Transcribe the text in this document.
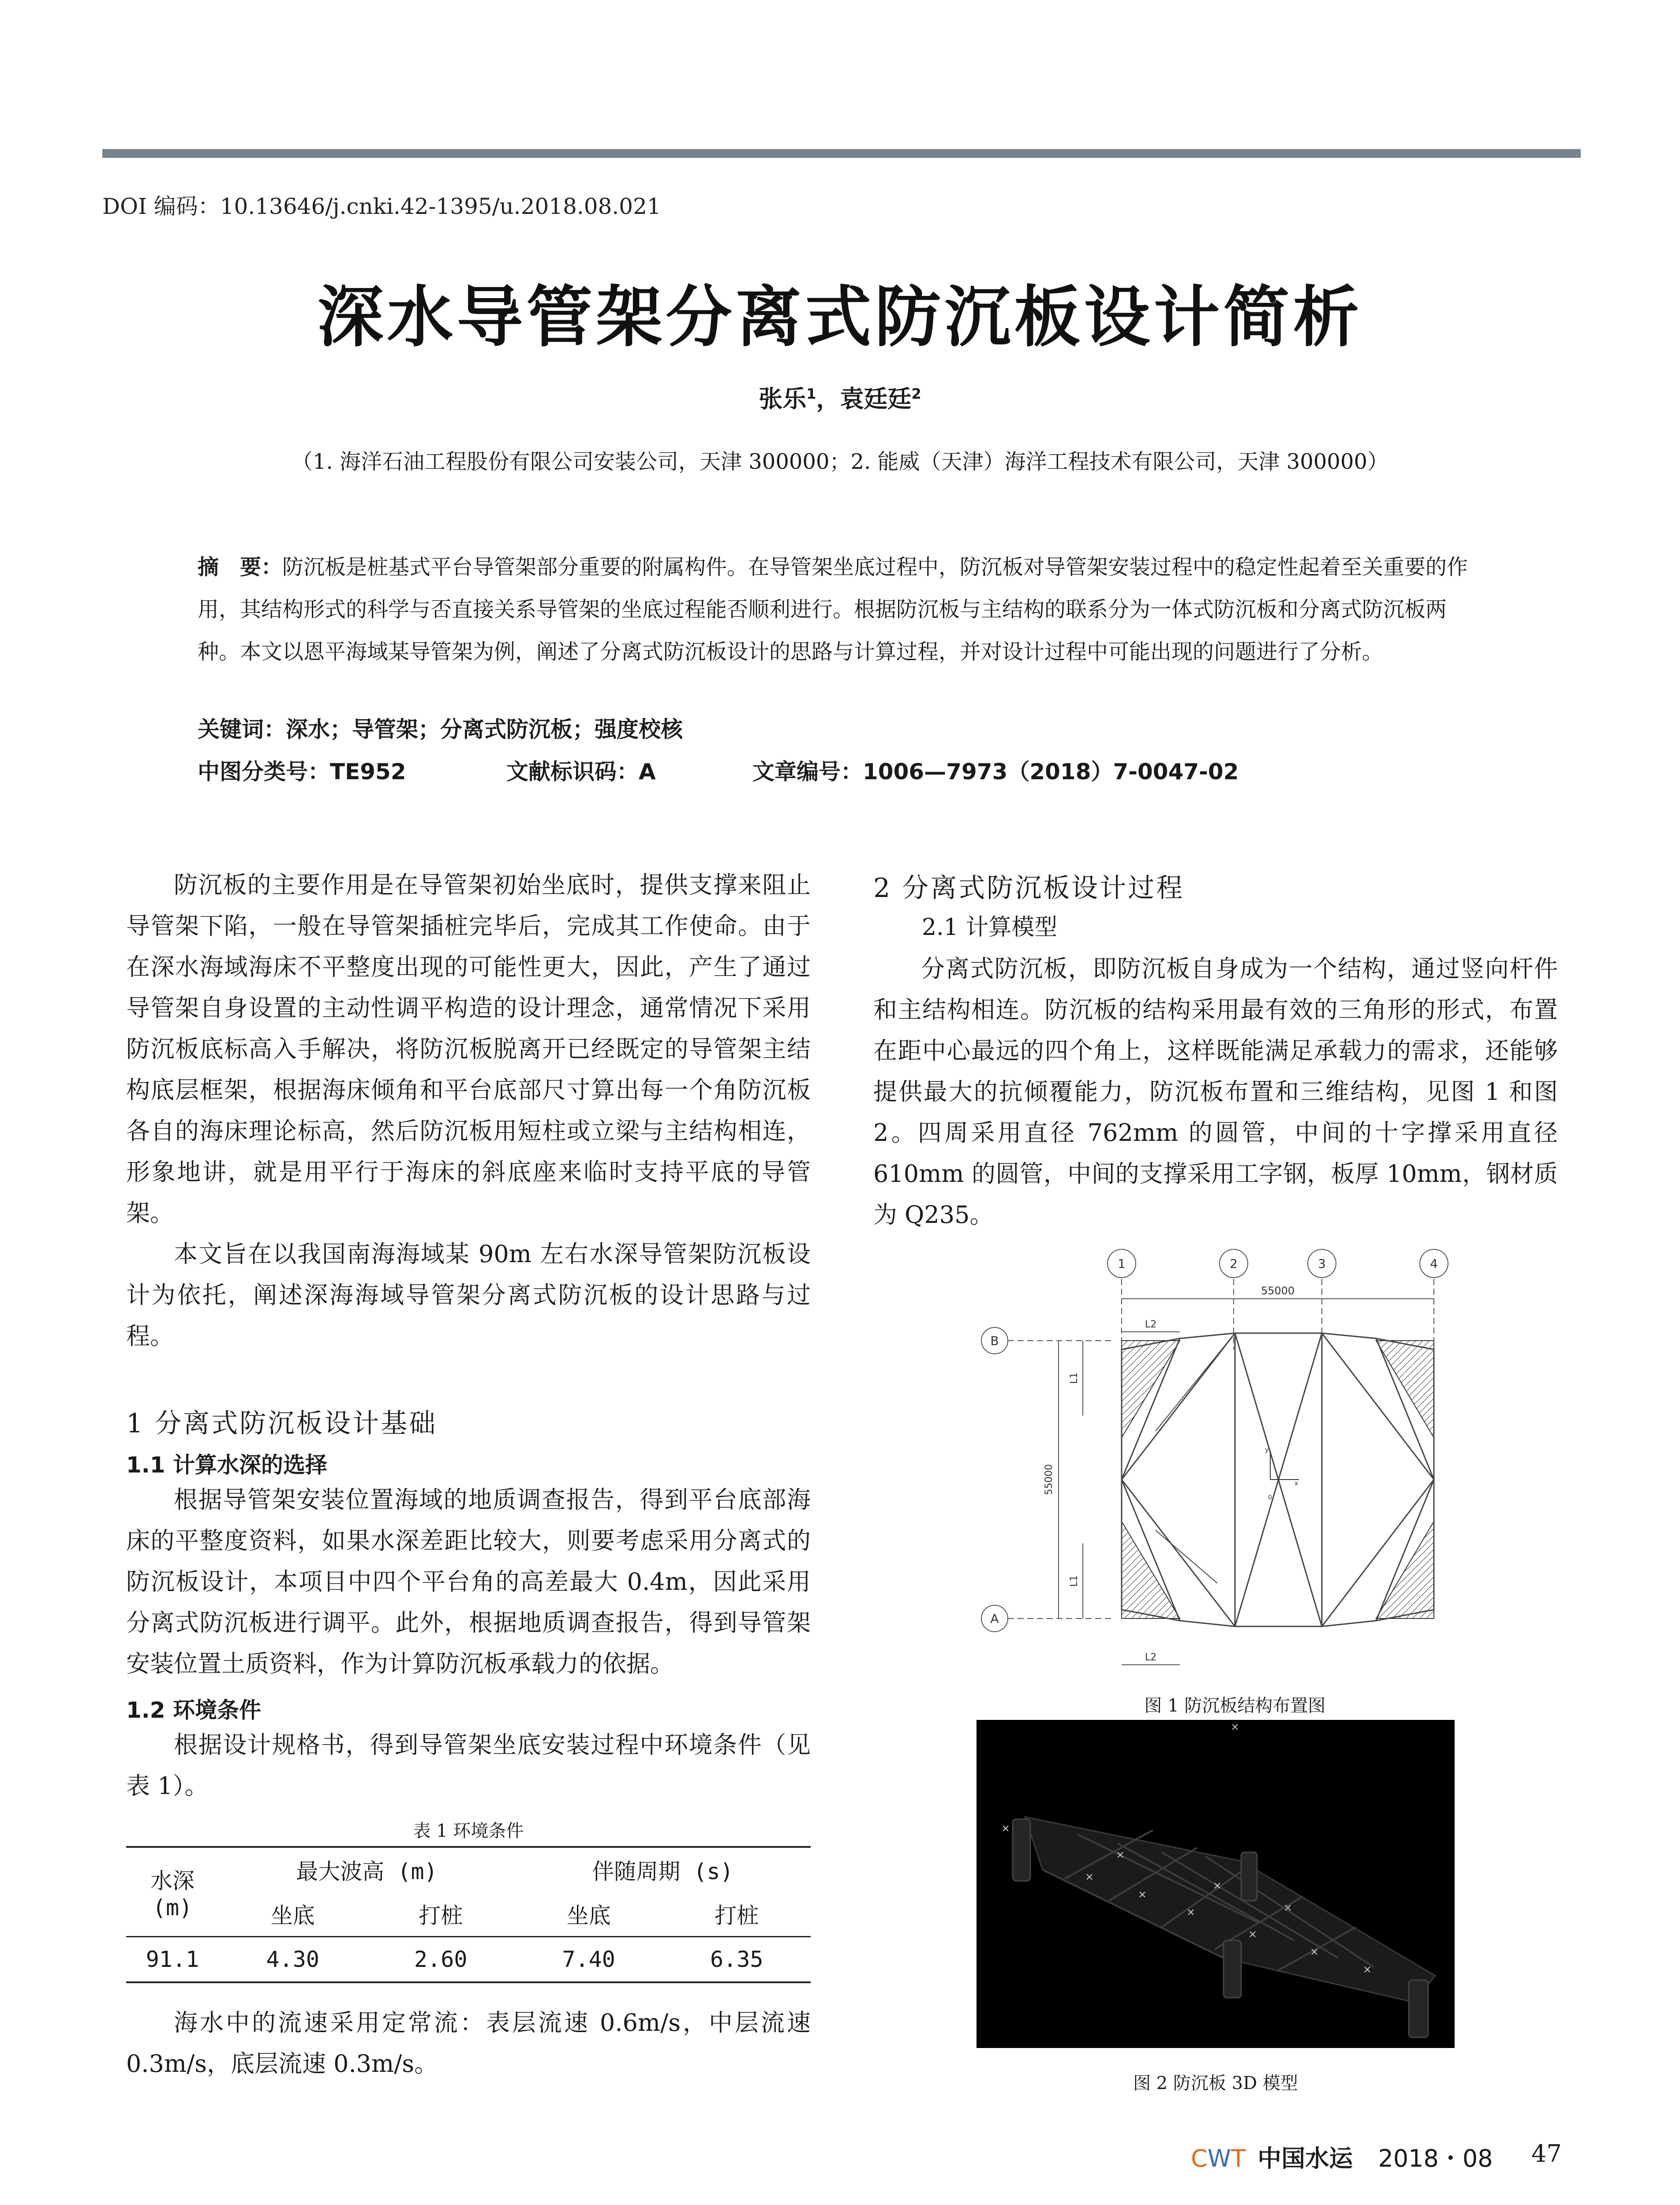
DOI 编码：10.13646/j.cnki.42-1395/u.2018.08.021
深水导管架分离式防沉板设计简析
张乐$^1$，袁廷廷$^2$
（1. 海洋石油工程股份有限公司安装公司，天津 300000；2. 能威（天津）海洋工程技术有限公司，天津 300000）
摘　要：防沉板是桩基式平台导管架部分重要的附属构件。在导管架坐底过程中，防沉板对导管架安装过程中的稳定性起着至关重要的作用，其结构形式的科学与否直接关系导管架的坐底过程能否顺利进行。根据防沉板与主结构的联系分为一体式防沉板和分离式防沉板两种。本文以恩平海域某导管架为例，阐述了分离式防沉板设计的思路与计算过程，并对设计过程中可能出现的问题进行了分析。
关键词：深水；导管架；分离式防沉板；强度校核
中图分类号：TE952	文献标识码：A	文章编号：1006—7973（2018）7-0047-02

防沉板的主要作用是在导管架初始坐底时，提供支撑来阻止导管架下陷，一般在导管架插桩完毕后，完成其工作使命。由于在深水海域海床不平整度出现的可能性更大，因此，产生了通过导管架自身设置的主动性调平构造的设计理念，通常情况下采用防沉板底标高入手解决，将防沉板脱离开已经既定的导管架主结构底层框架，根据海床倾角和平台底部尺寸算出每一个角防沉板各自的海床理论标高，然后防沉板用短柱或立梁与主结构相连，形象地讲，就是用平行于海床的斜底座来临时支持平底的导管架。

本文旨在以我国南海海域某 90m 左右水深导管架防沉板设计为依托，阐述深海海域导管架分离式防沉板的设计思路与过程。

1 分离式防沉板设计基础
1.1 计算水深的选择

根据导管架安装位置海域的地质调查报告，得到平台底部海床的平整度资料，如果水深差距比较大，则要考虑采用分离式的防沉板设计，本项目中四个平台角的高差最大 0.4m，因此采用分离式防沉板进行调平。此外，根据地质调查报告，得到导管架安装位置土质资料，作为计算防沉板承载力的依据。

1.2 环境条件

根据设计规格书，得到导管架坐底安装过程中环境条件（见表 1）。

表 1 环境条件
水深
(m)	最大波高 (m)		伴随周期 (s)	
	坐底	打桩	坐底	打桩
91.1	4.30	2.60	7.40	6.35

海水中的流速采用定常流：表层流速 0.6m/s，中层流速 0.3m/s，底层流速 0.3m/s。

2 分离式防沉板设计过程
2.1 计算模型

分离式防沉板，即防沉板自身成为一个结构，通过竖向杆件和主结构相连。防沉板的结构采用最有效的三角形的形式，布置在距中心最远的四个角上，这样既能满足承载力的需求，还能够提供最大的抗倾覆能力，防沉板布置和三维结构，见图 1 和图 2。四周采用直径 762mm 的圆管，中间的十字撑采用直径 610mm 的圆管，中间的支撑采用工字钢，板厚 10mm，钢材质为 Q235。

x
y
0
1	2	3	4
B
A
55000
L2
L2
55000
L1
L1
图 1 防沉板结构布置图
图 2 防沉板 3D 模型
CWT 中国水运 2018・08 47
